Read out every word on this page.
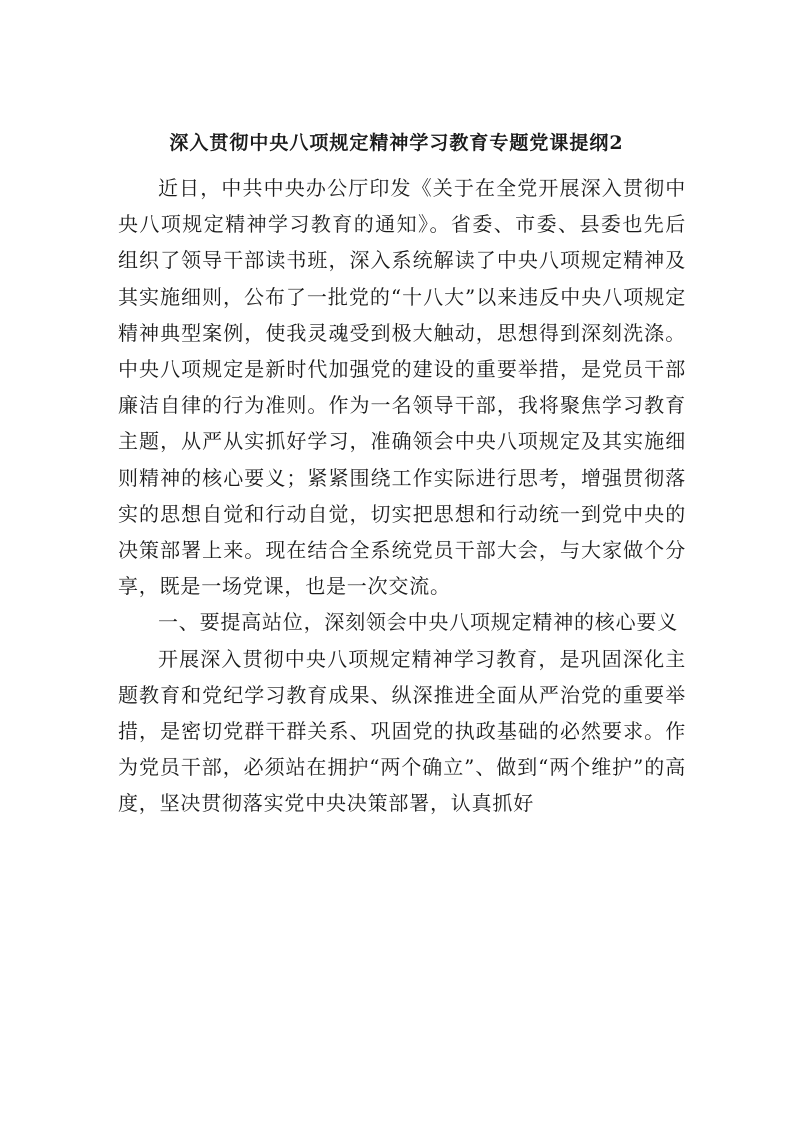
深入贯彻中央八项规定精神学习教育专题党课提纲2

近日，中共中央办公厅印发《关于在全党开展深入贯彻中央八项规定精神学习教育的通知》。省委、市委、县委也先后组织了领导干部读书班，深入系统解读了中央八项规定精神及其实施细则，公布了一批党的“十八大”以来违反中央八项规定精神典型案例，使我灵魂受到极大触动，思想得到深刻洗涤。中央八项规定是新时代加强党的建设的重要举措，是党员干部廉洁自律的行为准则。作为一名领导干部，我将聚焦学习教育主题，从严从实抓好学习，准确领会中央八项规定及其实施细则精神的核心要义；紧紧围绕工作实际进行思考，增强贯彻落实的思想自觉和行动自觉，切实把思想和行动统一到党中央的决策部署上来。现在结合全系统党员干部大会，与大家做个分享，既是一场党课，也是一次交流。

一、要提高站位，深刻领会中央八项规定精神的核心要义

开展深入贯彻中央八项规定精神学习教育，是巩固深化主题教育和党纪学习教育成果、纵深推进全面从严治党的重要举措，是密切党群干群关系、巩固党的执政基础的必然要求。作为党员干部，必须站在拥护“两个确立”、做到“两个维护”的高度，坚决贯彻落实党中央决策部署，认真抓好
